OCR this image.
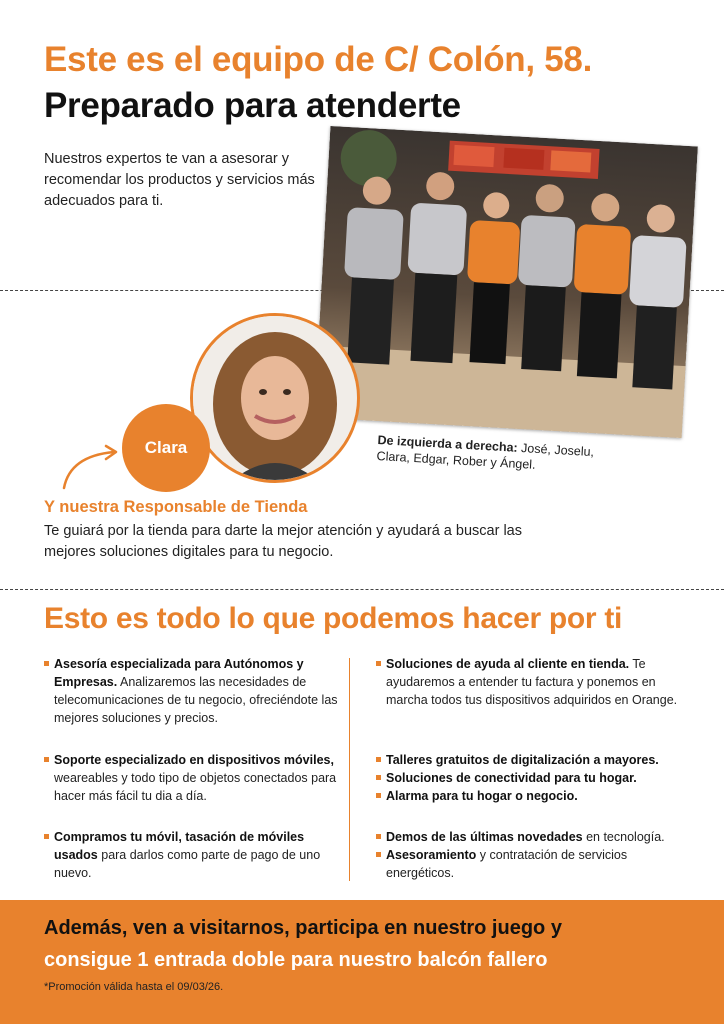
Este es el equipo de C/ Colón, 58.
Preparado para atenderte
Nuestros expertos te van a asesorar y recomendar los productos y servicios más adecuados para ti.
De izquierda a derecha: José, Joselu, Clara, Edgar, Rober y Ángel.
Clara
Y nuestra Responsable de Tienda
Te guiará por la tienda para darte la mejor atención y ayudará a buscar las mejores soluciones digitales para tu negocio.
Esto es todo lo que podemos hacer por ti
Asesoría especializada para Autónomos y Empresas. Analizaremos las necesidades de telecomunicaciones de tu negocio, ofreciéndote las mejores soluciones y precios.
Soporte especializado en dispositivos móviles, weareables y todo tipo de objetos conectados para hacer más fácil tu dia a día.
Compramos tu móvil, tasación de móviles usados para darlos como parte de pago de uno nuevo.
Soluciones de ayuda al cliente en tienda. Te ayudaremos a entender tu factura y ponemos en marcha todos tus dispositivos adquiridos en Orange.
Talleres gratuitos de digitalización a mayores.
Soluciones de conectividad para tu hogar.
Alarma para tu hogar o negocio.
Demos de las últimas novedades en tecnología.
Asesoramiento y contratación de servicios energéticos.
Además, ven a visitarnos, participa en nuestro juego y
consigue 1 entrada doble para nuestro balcón fallero
*Promoción válida hasta el 09/03/26.
